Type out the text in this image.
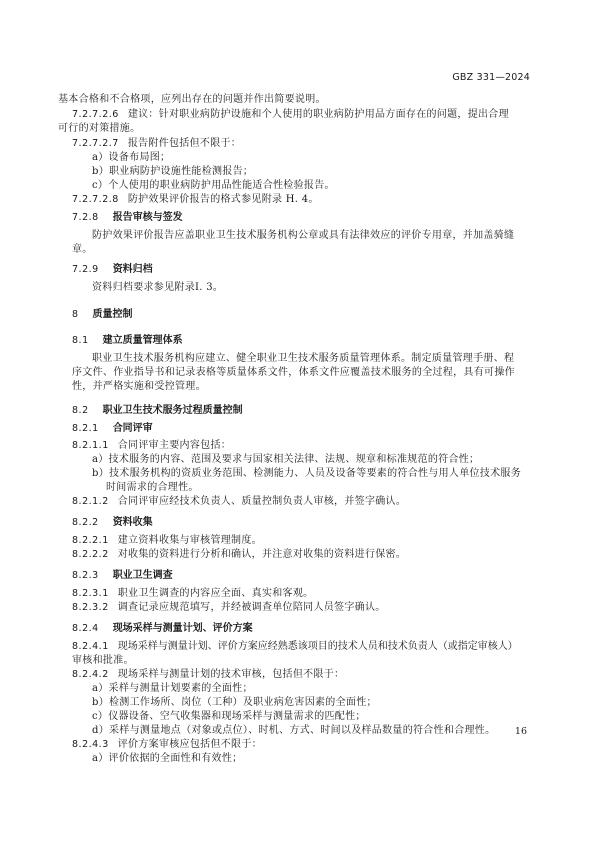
GBZ 331—2024
基本合格和不合格项，应列出存在的问题并作出简要说明。
7.2.7.2.6 建议：针对职业病防护设施和个人使用的职业病防护用品方面存在的问题，提出合理
可行的对策措施。
7.2.7.2.7 报告附件包括但不限于：
a）设备布局图；
b）职业病防护设施性能检测报告；
c）个人使用的职业病防护用品性能适合性检验报告。
7.2.7.2.8 防护效果评价报告的格式参见附录 H. 4。
7.2.8 报告审核与签发
防护效果评价报告应盖职业卫生技术服务机构公章或具有法律效应的评价专用章，并加盖骑缝
章。
7.2.9 资料归档
资料归档要求参见附录I. 3。
8 质量控制
8.1 建立质量管理体系
职业卫生技术服务机构应建立、健全职业卫生技术服务质量管理体系。制定质量管理手册、程
序文件、作业指导书和记录表格等质量体系文件，体系文件应覆盖技术服务的全过程，具有可操作
性，并严格实施和受控管理。
8.2 职业卫生技术服务过程质量控制
8.2.1 合同评审
8.2.1.1 合同评审主要内容包括：
a）技术服务的内容、范围及要求与国家相关法律、法规、规章和标准规范的符合性；
b）技术服务机构的资质业务范围、检测能力、人员及设备等要素的符合性与用人单位技术服务
时间需求的合理性。
8.2.1.2 合同评审应经技术负责人、质量控制负责人审核，并签字确认。
8.2.2 资料收集
8.2.2.1 建立资料收集与审核管理制度。
8.2.2.2 对收集的资料进行分析和确认，并注意对收集的资料进行保密。
8.2.3 职业卫生调查
8.2.3.1 职业卫生调查的内容应全面、真实和客观。
8.2.3.2 调查记录应规范填写，并经被调查单位陪同人员签字确认。
8.2.4 现场采样与测量计划、评价方案
8.2.4.1 现场采样与测量计划、评价方案应经熟悉该项目的技术人员和技术负责人（或指定审核人）
审核和批准。
8.2.4.2 现场采样与测量计划的技术审核，包括但不限于：
a）采样与测量计划要素的全面性；
b）检测工作场所、岗位（工种）及职业病危害因素的全面性；
c）仪器设备、空气收集器和现场采样与测量需求的匹配性；
d）采样与测量地点（对象或点位）、时机、方式、时间以及样品数量的符合性和合理性。
8.2.4.3 评价方案审核应包括但不限于：
a）评价依据的全面性和有效性；
16
